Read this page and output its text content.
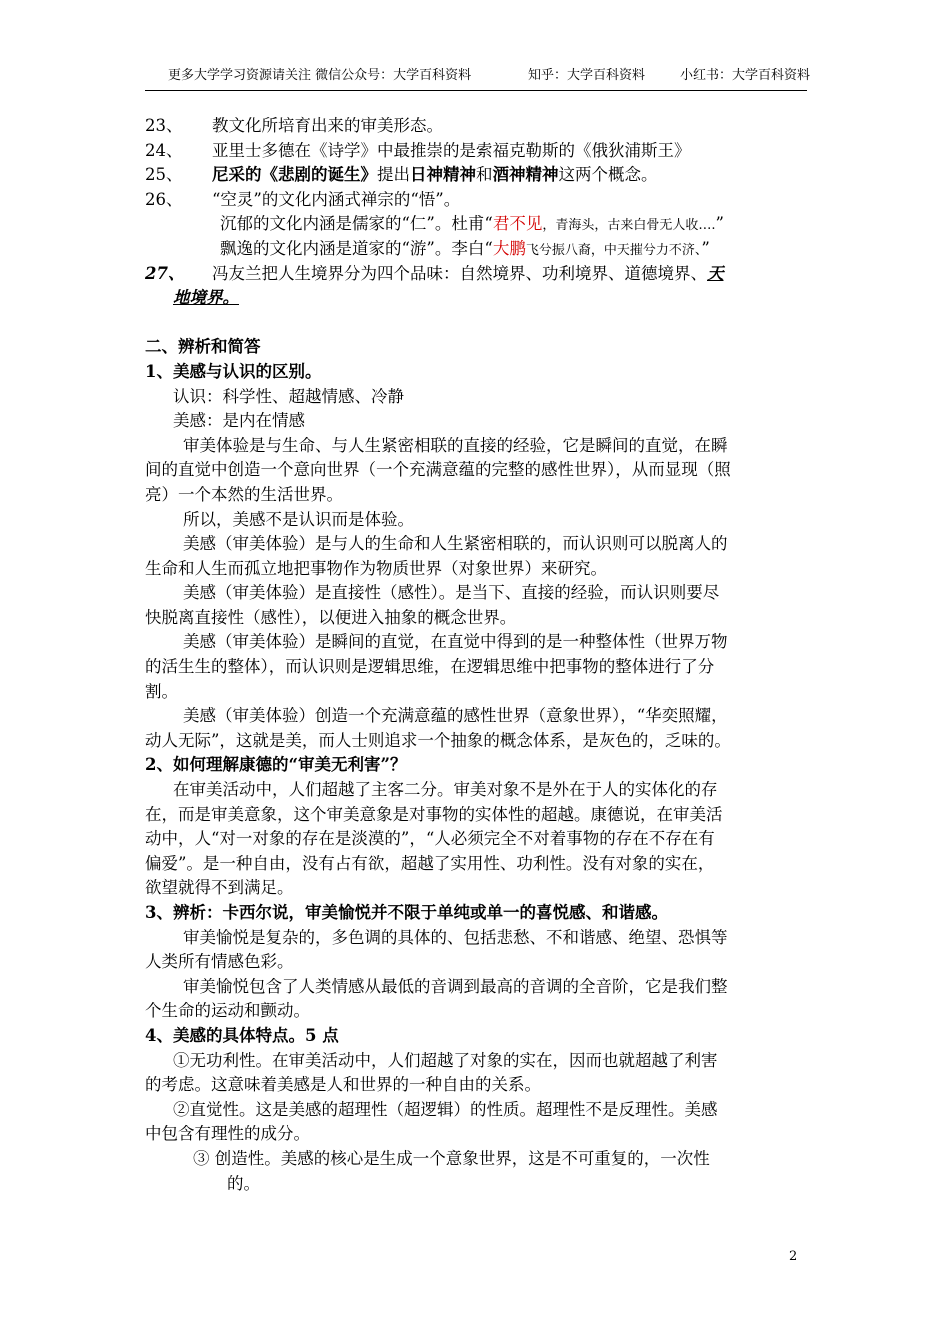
更多大学学习资源请关注 微信公众号：大学百科资料	知乎：大学百科资料	小红书：大学百科资料
23、 教文化所培育出来的审美形态。
24、 亚里士多德在《诗学》中最推崇的是索福克勒斯的《俄狄浦斯王》
25、 尼采的《悲剧的诞生》提出日神精神和酒神精神这两个概念。
26、 “空灵”的文化内涵式禅宗的“悟”。
沉郁的文化内涵是儒家的“仁”。杜甫“君不见，青海头，古来白骨无人收….”
飘逸的文化内涵是道家的“游”。李白“大鹏飞兮振八裔，中天摧兮力不济、”
27、 冯友兰把人生境界分为四个品味：自然境界、功利境界、道德境界、天
地境界。
二、辨析和简答
1、美感与认识的区别。
认识：科学性、超越情感、冷静
美感：是内在情感
审美体验是与生命、与人生紧密相联的直接的经验，它是瞬间的直觉，在瞬
间的直觉中创造一个意向世界（一个充满意蕴的完整的感性世界），从而显现（照
亮）一个本然的生活世界。
所以，美感不是认识而是体验。
美感（审美体验）是与人的生命和人生紧密相联的，而认识则可以脱离人的
生命和人生而孤立地把事物作为物质世界（对象世界）来研究。
美感（审美体验）是直接性（感性）。是当下、直接的经验，而认识则要尽
快脱离直接性（感性），以便进入抽象的概念世界。
美感（审美体验）是瞬间的直觉，在直觉中得到的是一种整体性（世界万物
的活生生的整体），而认识则是逻辑思维，在逻辑思维中把事物的整体进行了分
割。
美感（审美体验）创造一个充满意蕴的感性世界（意象世界），“华奕照耀，
动人无际”，这就是美，而人士则追求一个抽象的概念体系，是灰色的，乏味的。
2、如何理解康德的“审美无利害”？
在审美活动中，人们超越了主客二分。审美对象不是外在于人的实体化的存
在，而是审美意象，这个审美意象是对事物的实体性的超越。康德说，在审美活
动中，人“对一对象的存在是淡漠的”，“人必须完全不对着事物的存在不存在有
偏爱”。是一种自由，没有占有欲，超越了实用性、功利性。没有对象的实在，
欲望就得不到满足。
3、辨析：卡西尔说，审美愉悦并不限于单纯或单一的喜悦感、和谐感。
审美愉悦是复杂的，多色调的具体的、包括悲愁、不和谐感、绝望、恐惧等
人类所有情感色彩。
审美愉悦包含了人类情感从最低的音调到最高的音调的全音阶，它是我们整
个生命的运动和颤动。
4、美感的具体特点。5 点
①无功利性。在审美活动中，人们超越了对象的实在，因而也就超越了利害
的考虑。这意味着美感是人和世界的一种自由的关系。
②直觉性。这是美感的超理性（超逻辑）的性质。超理性不是反理性。美感
中包含有理性的成分。
③ 创造性。美感的核心是生成一个意象世界，这是不可重复的，一次性
的。
2
